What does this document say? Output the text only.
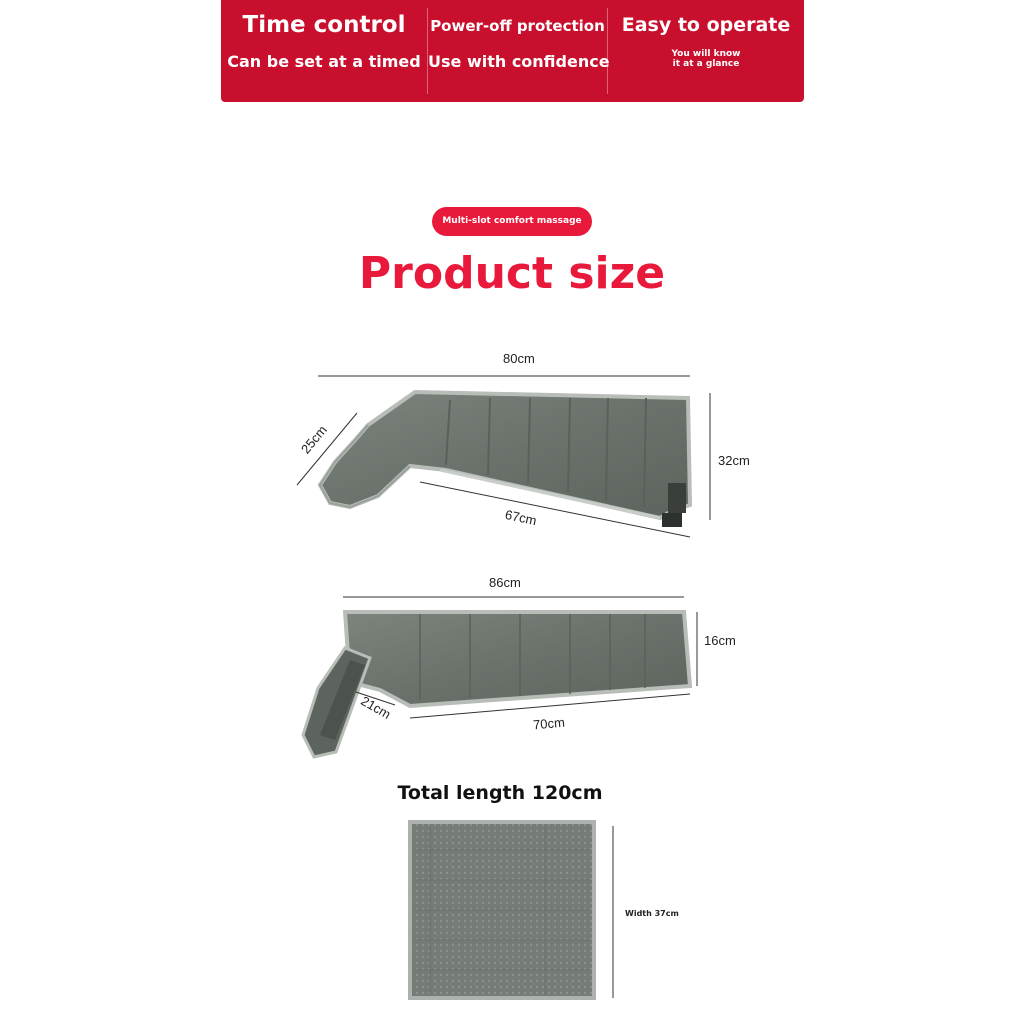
Time control
Can be set at a timed
Power-off protection
Use with confidence
Easy to operate
You will know
it at a glance
Multi-slot comfort massage
Product size
80cm
25cm
32cm
67cm
86cm
16cm
21cm
70cm
Total length 120cm
Width 37cm
